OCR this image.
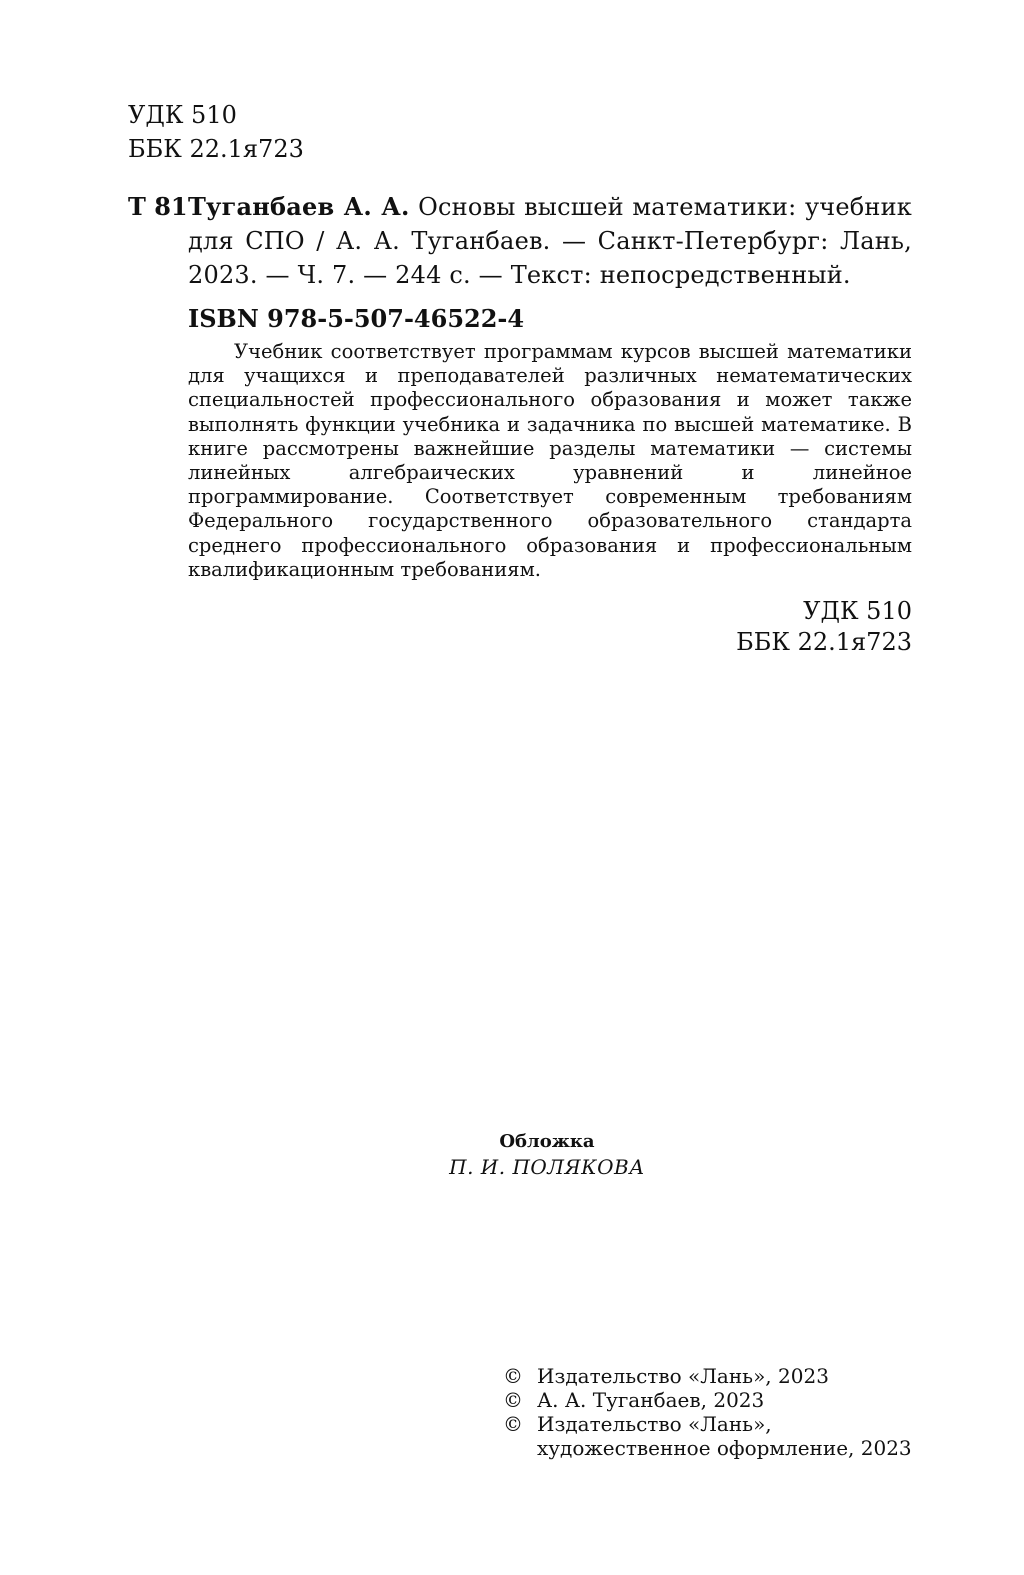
УДК 510
ББК 22.1я723
Т 81 Туганбаев А. А. Основы высшей математики: учебник для СПО / А. А. Туганбаев. — Санкт-Петербург: Лань, 2023. — Ч. 7. — 244 с. — Текст: непосредственный.
ISBN 978-5-507-46522-4
Учебник соответствует программам курсов высшей математики для учащихся и преподавателей различных нематематических специальностей профессионального образования и может также выполнять функции учебника и задачника по высшей математике. В книге рассмотрены важнейшие разделы математики — системы линейных алгебраических уравнений и линейное программирование. Соответствует современным требованиям Федерального государственного образовательного стандарта среднего профессионального образования и профессиональным квалификационным требованиям.
УДК 510
ББК 22.1я723
Обложка
П. И. ПОЛЯКОВА
© Издательство «Лань», 2023
© А. А. Туганбаев, 2023
© Издательство «Лань»,
художественное оформление, 2023
